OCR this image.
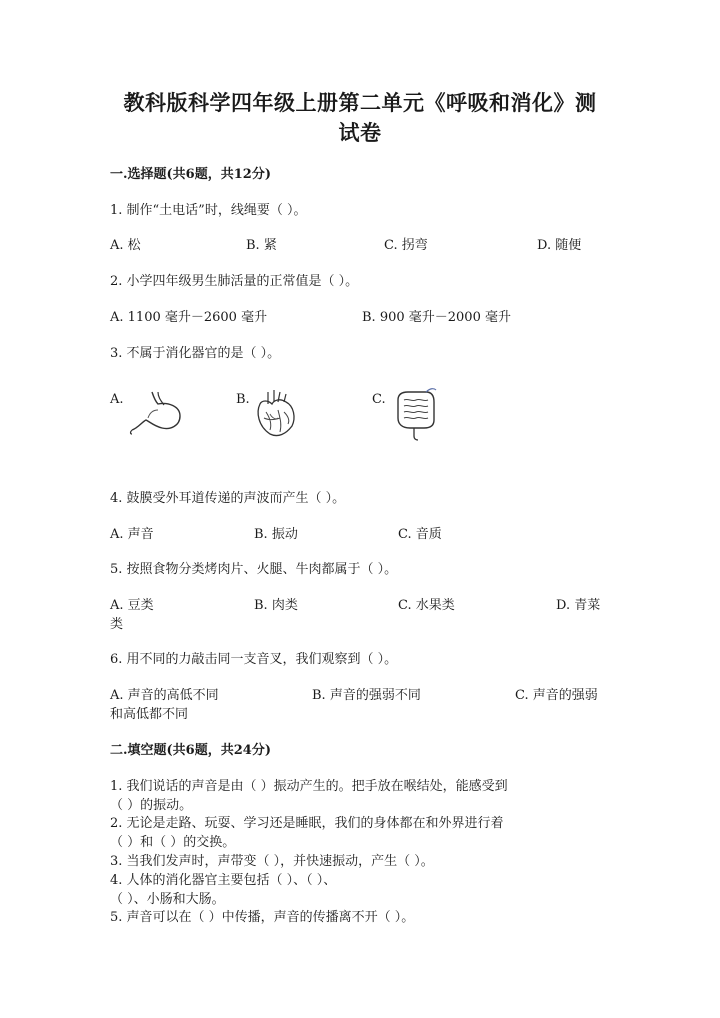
教科版科学四年级上册第二单元《呼吸和消化》测
试卷
一.选择题(共6题，共12分)
1. 制作“土电话”时，线绳要（ ）。
A. 松	B. 紧	C. 拐弯	D. 随便
2. 小学四年级男生肺活量的正常值是（ ）。
A. 1100 毫升－2600 毫升	B. 900 毫升－2000 毫升
3. 不属于消化器官的是（ ）。
A.	B.	C.
4. 鼓膜受外耳道传递的声波而产生（ ）。
A. 声音	B. 振动	C. 音质
5. 按照食物分类烤肉片、火腿、牛肉都属于（ ）。
A. 豆类	B. 肉类	C. 水果类	D. 青菜
类
6. 用不同的力敲击同一支音叉，我们观察到（ ）。
A. 声音的高低不同	B. 声音的强弱不同	C. 声音的强弱
和高低都不同
二.填空题(共6题，共24分)
1. 我们说话的声音是由（ ）振动产生的。把手放在喉结处，能感受到
（ ）的振动。
2. 无论是走路、玩耍、学习还是睡眠，我们的身体都在和外界进行着
（ ）和（ ）的交换。
3. 当我们发声时，声带变（ ），并快速振动，产生（ ）。
4. 人体的消化器官主要包括（ ）、（ ）、
（ ）、小肠和大肠。
5. 声音可以在（ ）中传播，声音的传播离不开（ ）。
